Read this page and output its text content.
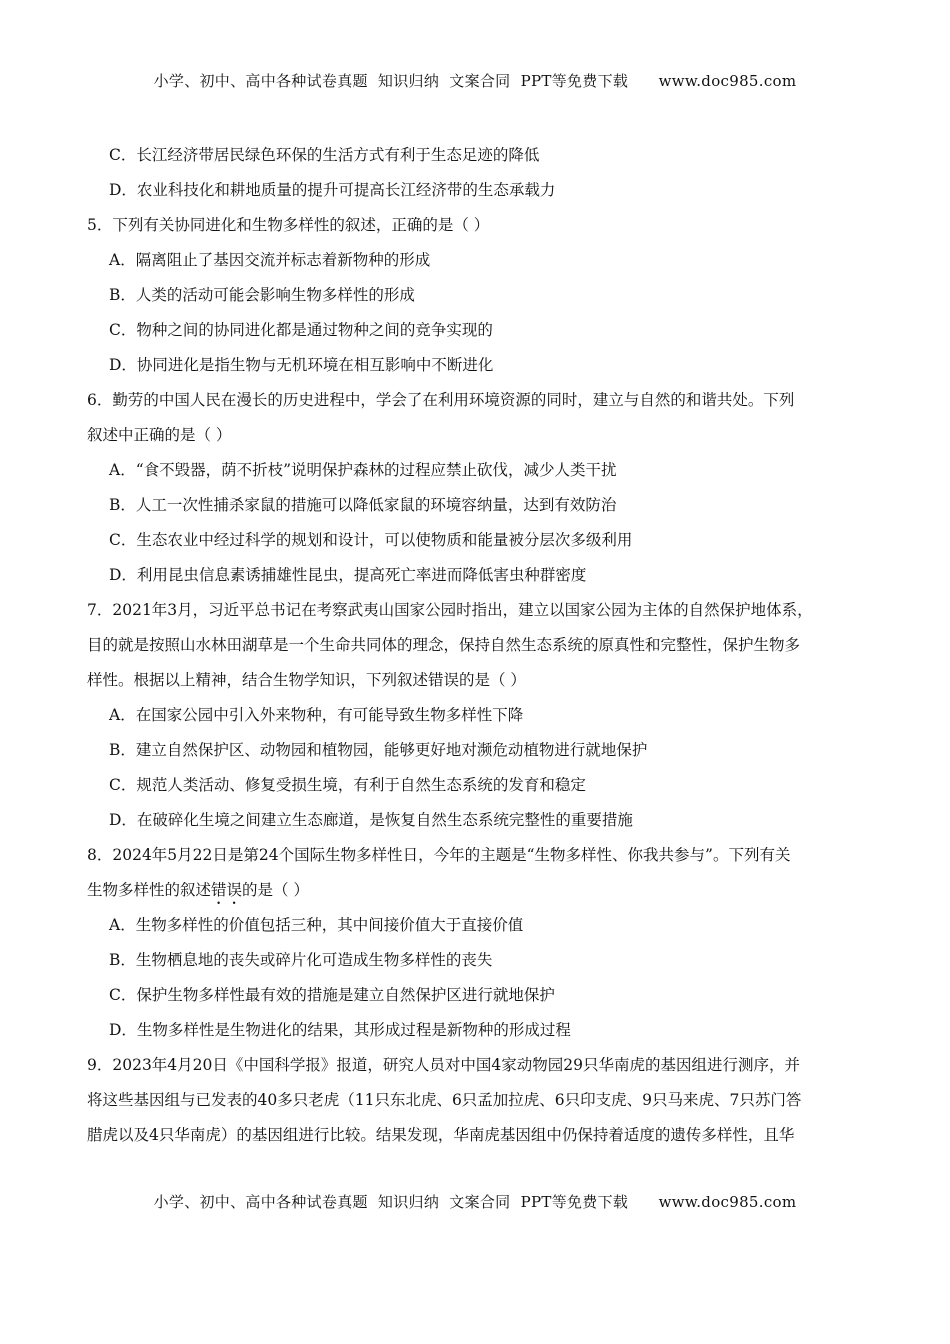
小学、初中、高中各种试卷真题  知识归纳  文案合同  PPT等免费下载      www.doc985.com
C．长江经济带居民绿色环保的生活方式有利于生态足迹的降低
D．农业科技化和耕地质量的提升可提高长江经济带的生态承载力
5．下列有关协同进化和生物多样性的叙述，正确的是（ ）
A．隔离阻止了基因交流并标志着新物种的形成
B．人类的活动可能会影响生物多样性的形成
C．物种之间的协同进化都是通过物种之间的竞争实现的
D．协同进化是指生物与无机环境在相互影响中不断进化
6．勤劳的中国人民在漫长的历史进程中，学会了在利用环境资源的同时，建立与自然的和谐共处。下列
叙述中正确的是（ ）
A．“食不毁器，荫不折枝”说明保护森林的过程应禁止砍伐，减少人类干扰
B．人工一次性捕杀家鼠的措施可以降低家鼠的环境容纳量，达到有效防治
C．生态农业中经过科学的规划和设计，可以使物质和能量被分层次多级利用
D．利用昆虫信息素诱捕雄性昆虫，提高死亡率进而降低害虫种群密度
7．2021年3月，习近平总书记在考察武夷山国家公园时指出，建立以国家公园为主体的自然保护地体系，
目的就是按照山水林田湖草是一个生命共同体的理念，保持自然生态系统的原真性和完整性，保护生物多
样性。根据以上精神，结合生物学知识，下列叙述错误的是（ ）
A．在国家公园中引入外来物种，有可能导致生物多样性下降
B．建立自然保护区、动物园和植物园，能够更好地对濒危动植物进行就地保护
C．规范人类活动、修复受损生境，有利于自然生态系统的发育和稳定
D．在破碎化生境之间建立生态廊道，是恢复自然生态系统完整性的重要措施
8．2024年5月22日是第24个国际生物多样性日，今年的主题是“生物多样性、你我共参与”。下列有关
生物多样性的叙述错误的是（ ）
A．生物多样性的价值包括三种，其中间接价值大于直接价值
B．生物栖息地的丧失或碎片化可造成生物多样性的丧失
C．保护生物多样性最有效的措施是建立自然保护区进行就地保护
D．生物多样性是生物进化的结果，其形成过程是新物种的形成过程
9．2023年4月20日《中国科学报》报道，研究人员对中国4家动物园29只华南虎的基因组进行测序，并
将这些基因组与已发表的40多只老虎（11只东北虎、6只孟加拉虎、6只印支虎、9只马来虎、7只苏门答
腊虎以及4只华南虎）的基因组进行比较。结果发现，华南虎基因组中仍保持着适度的遗传多样性，且华
小学、初中、高中各种试卷真题  知识归纳  文案合同  PPT等免费下载      www.doc985.com
